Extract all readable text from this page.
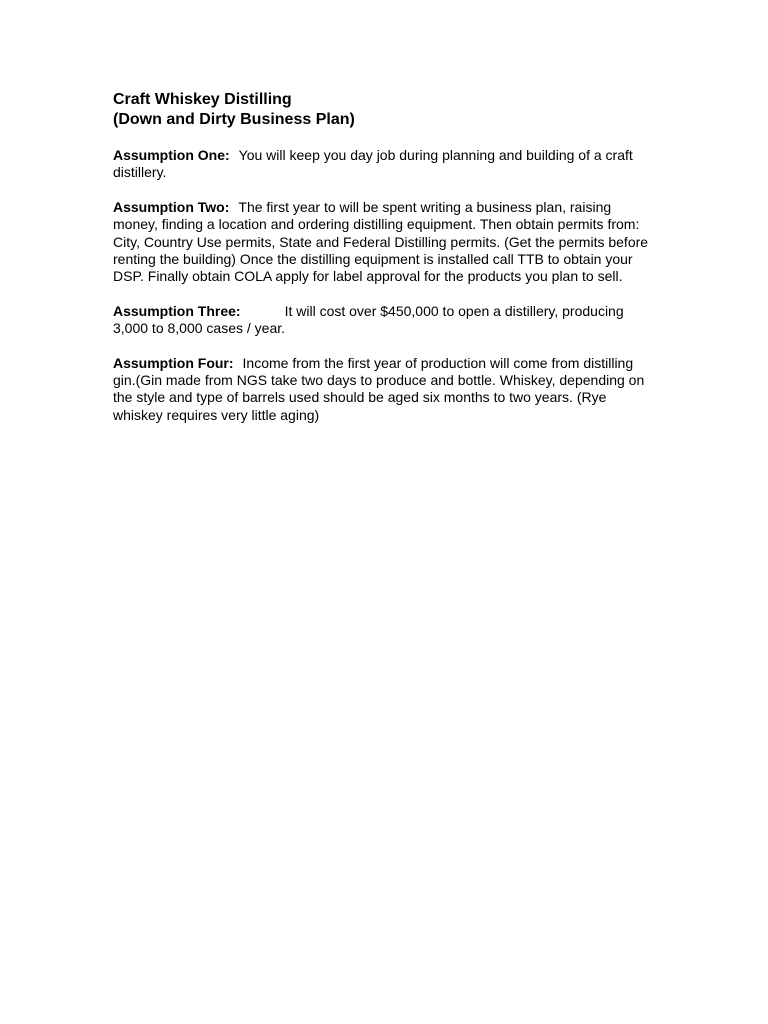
Craft Whiskey Distilling
(Down and Dirty Business Plan)

Assumption One: You will keep you day job during planning and building of a craft distillery.

Assumption Two: The first year to will be spent writing a business plan, raising money, finding a location and ordering distilling equipment. Then obtain permits from: City, Country Use permits, State and Federal Distilling permits. (Get the permits before renting the building) Once the distilling equipment is installed call TTB to obtain your DSP. Finally obtain COLA apply for label approval for the products you plan to sell.

Assumption Three:	It will cost over $450,000 to open a distillery, producing 3,000 to 8,000 cases / year.

Assumption Four: Income from the first year of production will come from distilling gin.(Gin made from NGS take two days to produce and bottle. Whiskey, depending on the style and type of barrels used should be aged six months to two years. (Rye whiskey requires very little aging)
